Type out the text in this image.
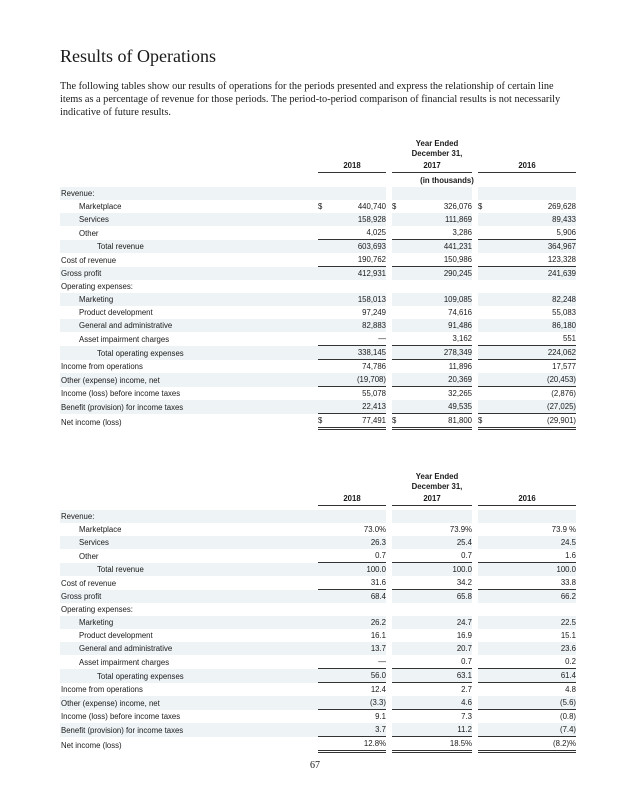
Results of Operations

The following tables show our results of operations for the periods presented and express the relationship of certain line items as a percentage of revenue for those periods. The period-to-period comparison of financial results is not necessarily indicative of future results.

			Year Ended
December 31,					

	2018			2017			2016	
	(in thousands)							
Revenue:								
Marketplace	$	440,740		$	326,076		$	269,628
Services		158,928			111,869			89,433
Other		4,025			3,286			5,906
Total revenue		603,693			441,231			364,967
Cost of revenue		190,762			150,986			123,328
Gross profit		412,931			290,245			241,639
Operating expenses:								
Marketing		158,013			109,085			82,248
Product development		97,249			74,616			55,083
General and administrative		82,883			91,486			86,180
Asset impairment charges		—			3,162			551
Total operating expenses		338,145			278,349			224,062
Income from operations		74,786			11,896			17,577
Other (expense) income, net		(19,708)			20,369			(20,453)
Income (loss) before income taxes		55,078			32,265			(2,876)
Benefit (provision) for income taxes		22,413			49,535			(27,025)
Net income (loss)	$	77,491		$	81,800		$	(29,901)

			Year Ended
December 31,					

	2018			2017			2016	

Revenue:								
Marketplace		73.0%			73.9%			73.9 %
Services		26.3			25.4			24.5
Other		0.7			0.7			1.6
Total revenue		100.0			100.0			100.0
Cost of revenue		31.6			34.2			33.8
Gross profit		68.4			65.8			66.2
Operating expenses:								
Marketing		26.2			24.7			22.5
Product development		16.1			16.9			15.1
General and administrative		13.7			20.7			23.6
Asset impairment charges		—			0.7			0.2
Total operating expenses		56.0			63.1			61.4
Income from operations		12.4			2.7			4.8
Other (expense) income, net		(3.3)			4.6			(5.6)
Income (loss) before income taxes		9.1			7.3			(0.8)
Benefit (provision) for income taxes		3.7			11.2			(7.4)
Net income (loss)		12.8%			18.5%			(8.2)%
67
